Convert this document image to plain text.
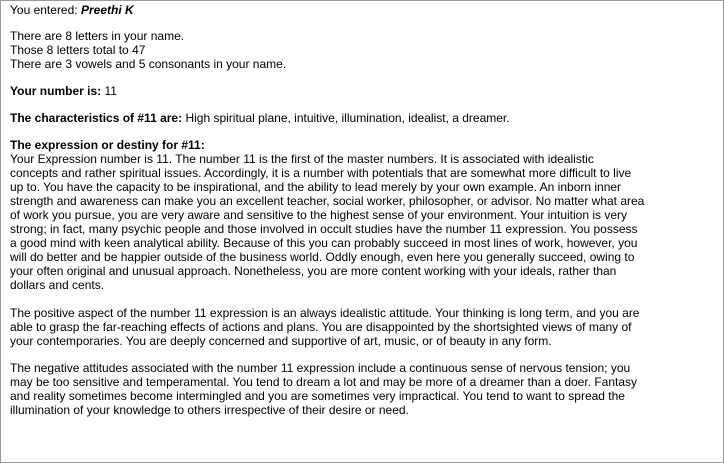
You entered: Preethi K
There are 8 letters in your name.
Those 8 letters total to 47
There are 3 vowels and 5 consonants in your name.
Your number is: 11
The characteristics of #11 are: High spiritual plane, intuitive, illumination, idealist, a dreamer.
The expression or destiny for #11:
Your Expression number is 11. The number 11 is the first of the master numbers. It is associated with idealistic
concepts and rather spiritual issues. Accordingly, it is a number with potentials that are somewhat more difficult to live
up to. You have the capacity to be inspirational, and the ability to lead merely by your own example. An inborn inner
strength and awareness can make you an excellent teacher, social worker, philosopher, or advisor. No matter what area
of work you pursue, you are very aware and sensitive to the highest sense of your environment. Your intuition is very
strong; in fact, many psychic people and those involved in occult studies have the number 11 expression. You possess
a good mind with keen analytical ability. Because of this you can probably succeed in most lines of work, however, you
will do better and be happier outside of the business world. Oddly enough, even here you generally succeed, owing to
your often original and unusual approach. Nonetheless, you are more content working with your ideals, rather than
dollars and cents.
The positive aspect of the number 11 expression is an always idealistic attitude. Your thinking is long term, and you are
able to grasp the far-reaching effects of actions and plans. You are disappointed by the shortsighted views of many of
your contemporaries. You are deeply concerned and supportive of art, music, or of beauty in any form.
The negative attitudes associated with the number 11 expression include a continuous sense of nervous tension; you
may be too sensitive and temperamental. You tend to dream a lot and may be more of a dreamer than a doer. Fantasy
and reality sometimes become intermingled and you are sometimes very impractical. You tend to want to spread the
illumination of your knowledge to others irrespective of their desire or need.
